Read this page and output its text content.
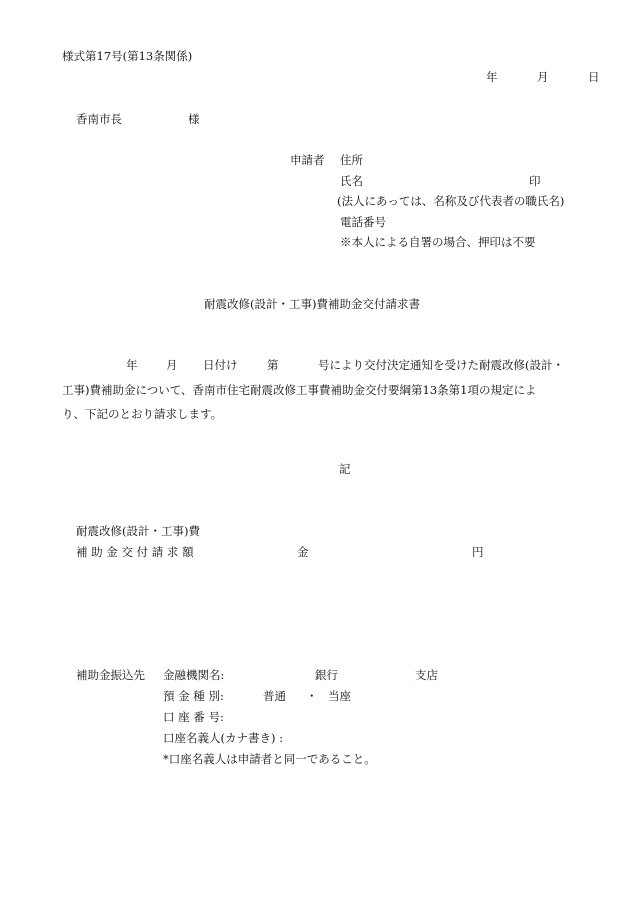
様式第17号(第13条関係)
年	月	日
香南市長	様
申請者 住所
氏名	印
(法人にあっては、名称及び代表者の職氏名)
電話番号
※本人による自署の場合、押印は不要
耐震改修(設計・工事)費補助金交付請求書
年 月 日付け	第	号により交付決定通知を受けた耐震改修(設計・
工事)費補助金について、香南市住宅耐震改修工事費補助金交付要綱第13条第1項の規定によ
り、下記のとおり請求します。
記
耐震改修(設計・工事)費
補 助 金 交 付 請 求 額	金	円
補助金振込先 金融機関名:	銀行	支店
預 金 種 別:	普通 ・ 当座
口 座 番 号:
口座名義人(カナ書き) :
*口座名義人は申請者と同一であること。
